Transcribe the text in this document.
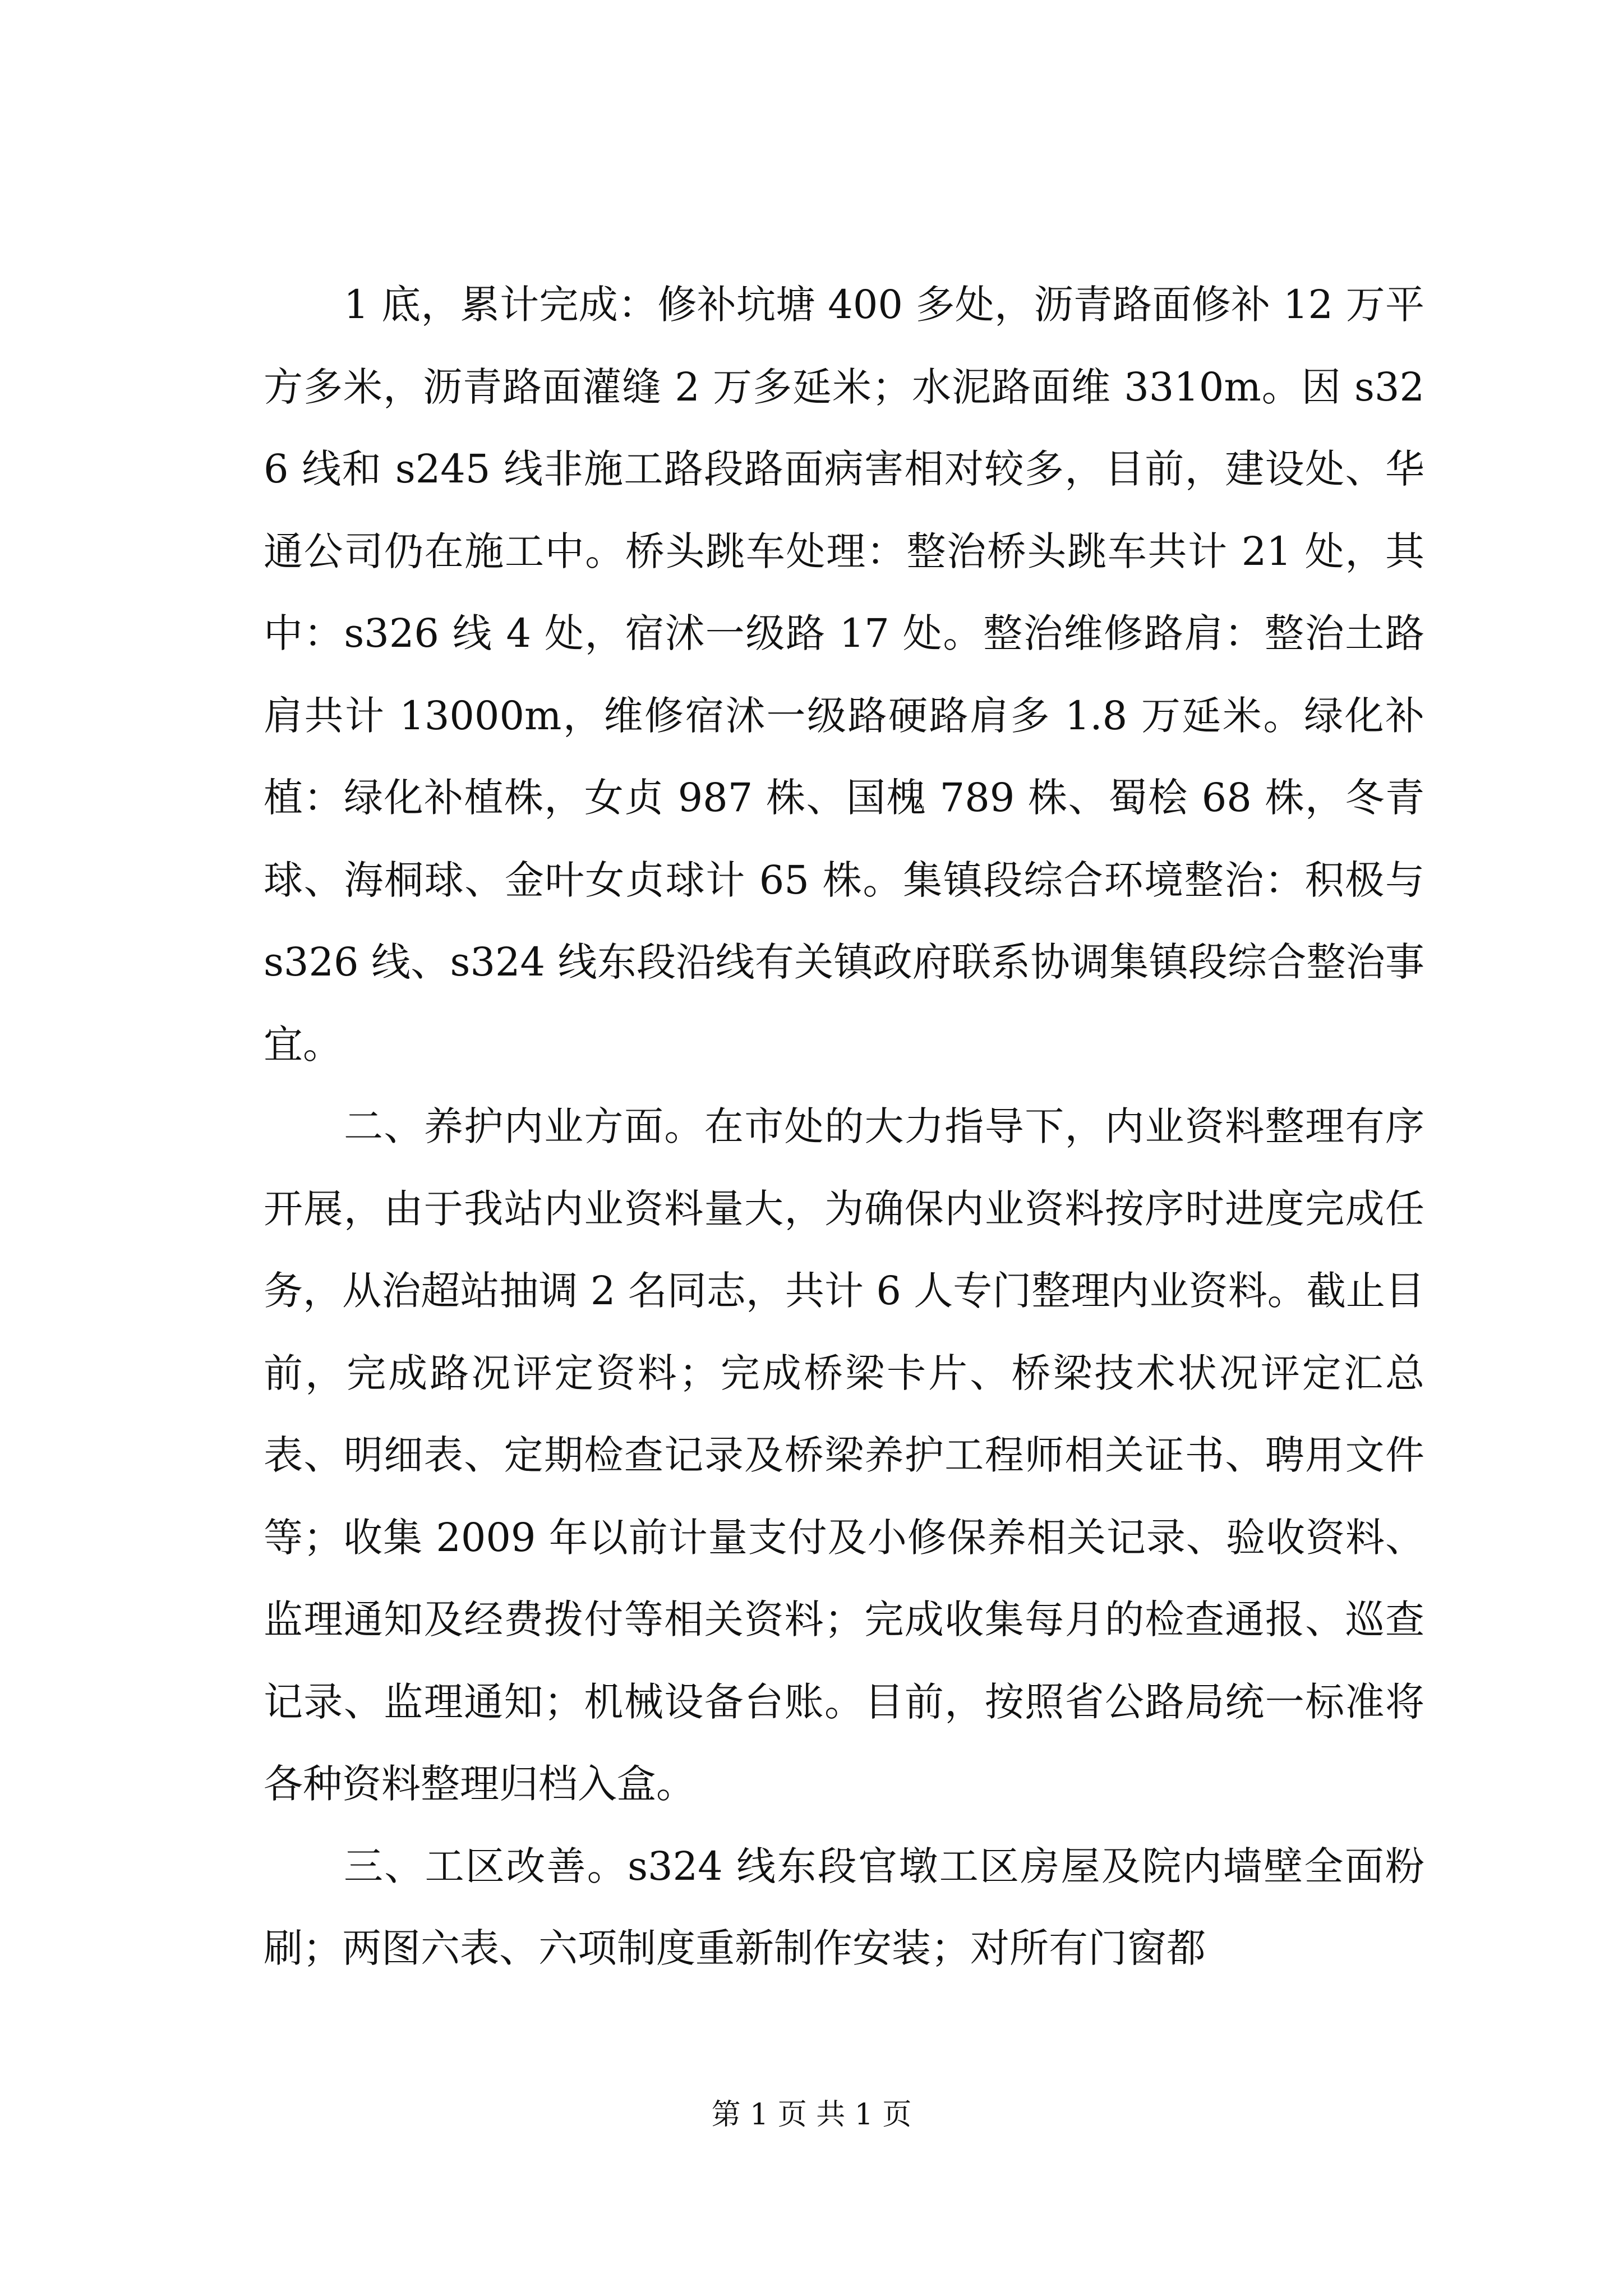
1 底，累计完成：修补坑塘 400 多处，沥青路面修补 12 万平方多米，沥青路面灌缝 2 万多延米；水泥路面维 3310m。因 s326 线和 s245 线非施工路段路面病害相对较多，目前，建设处、华通公司仍在施工中。桥头跳车处理：整治桥头跳车共计 21 处，其中：s326 线 4 处，宿沭一级路 17 处。整治维修路肩：整治土路肩共计 13000m，维修宿沭一级路硬路肩多 1.8 万延米。绿化补植：绿化补植株，女贞 987 株、国槐 789 株、蜀桧 68 株，冬青球、海桐球、金叶女贞球计 65 株。集镇段综合环境整治：积极与 s326 线、s324 线东段沿线有关镇政府联系协调集镇段综合整治事宜。

二、养护内业方面。在市处的大力指导下，内业资料整理有序开展，由于我站内业资料量大，为确保内业资料按序时进度完成任务，从治超站抽调 2 名同志，共计 6 人专门整理内业资料。截止目前，完成路况评定资料；完成桥梁卡片、桥梁技术状况评定汇总表、明细表、定期检查记录及桥梁养护工程师相关证书、聘用文件等；收集 2009 年以前计量支付及小修保养相关记录、验收资料、监理通知及经费拨付等相关资料；完成收集每月的检查通报、巡查记录、监理通知；机械设备台账。目前，按照省公路局统一标准将各种资料整理归档入盒。

三、工区改善。s324 线东段官墩工区房屋及院内墙壁全面粉刷；两图六表、六项制度重新制作安装；对所有门窗都

第 1 页 共 1 页
